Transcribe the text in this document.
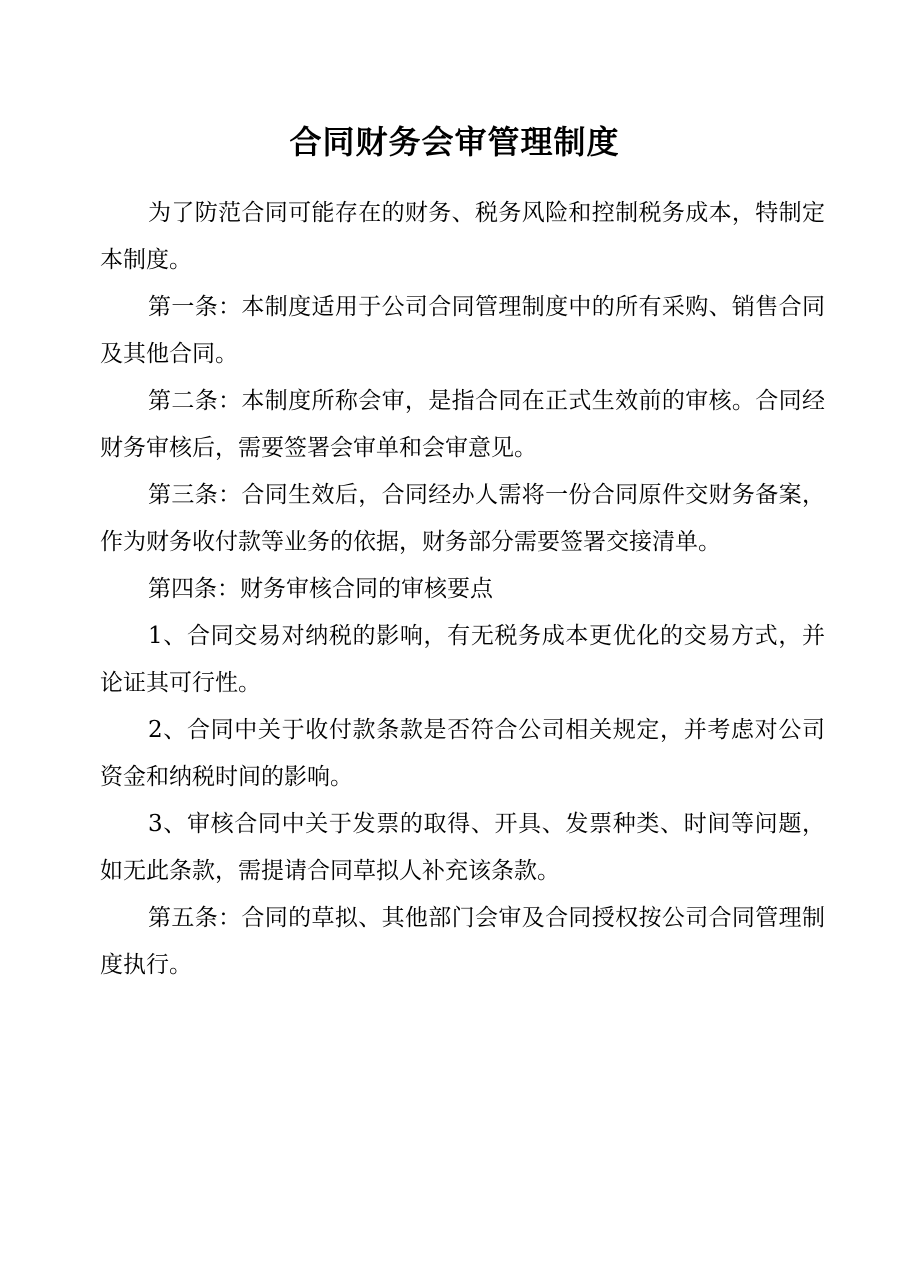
合同财务会审管理制度

为了防范合同可能存在的财务、税务风险和控制税务成本，特制定本制度。

第一条：本制度适用于公司合同管理制度中的所有采购、销售合同及其他合同。

第二条：本制度所称会审，是指合同在正式生效前的审核。合同经财务审核后，需要签署会审单和会审意见。

第三条：合同生效后，合同经办人需将一份合同原件交财务备案，作为财务收付款等业务的依据，财务部分需要签署交接清单。

第四条：财务审核合同的审核要点

1、合同交易对纳税的影响，有无税务成本更优化的交易方式，并论证其可行性。

2、合同中关于收付款条款是否符合公司相关规定，并考虑对公司资金和纳税时间的影响。

3、审核合同中关于发票的取得、开具、发票种类、时间等问题，如无此条款，需提请合同草拟人补充该条款。

第五条：合同的草拟、其他部门会审及合同授权按公司合同管理制度执行。
